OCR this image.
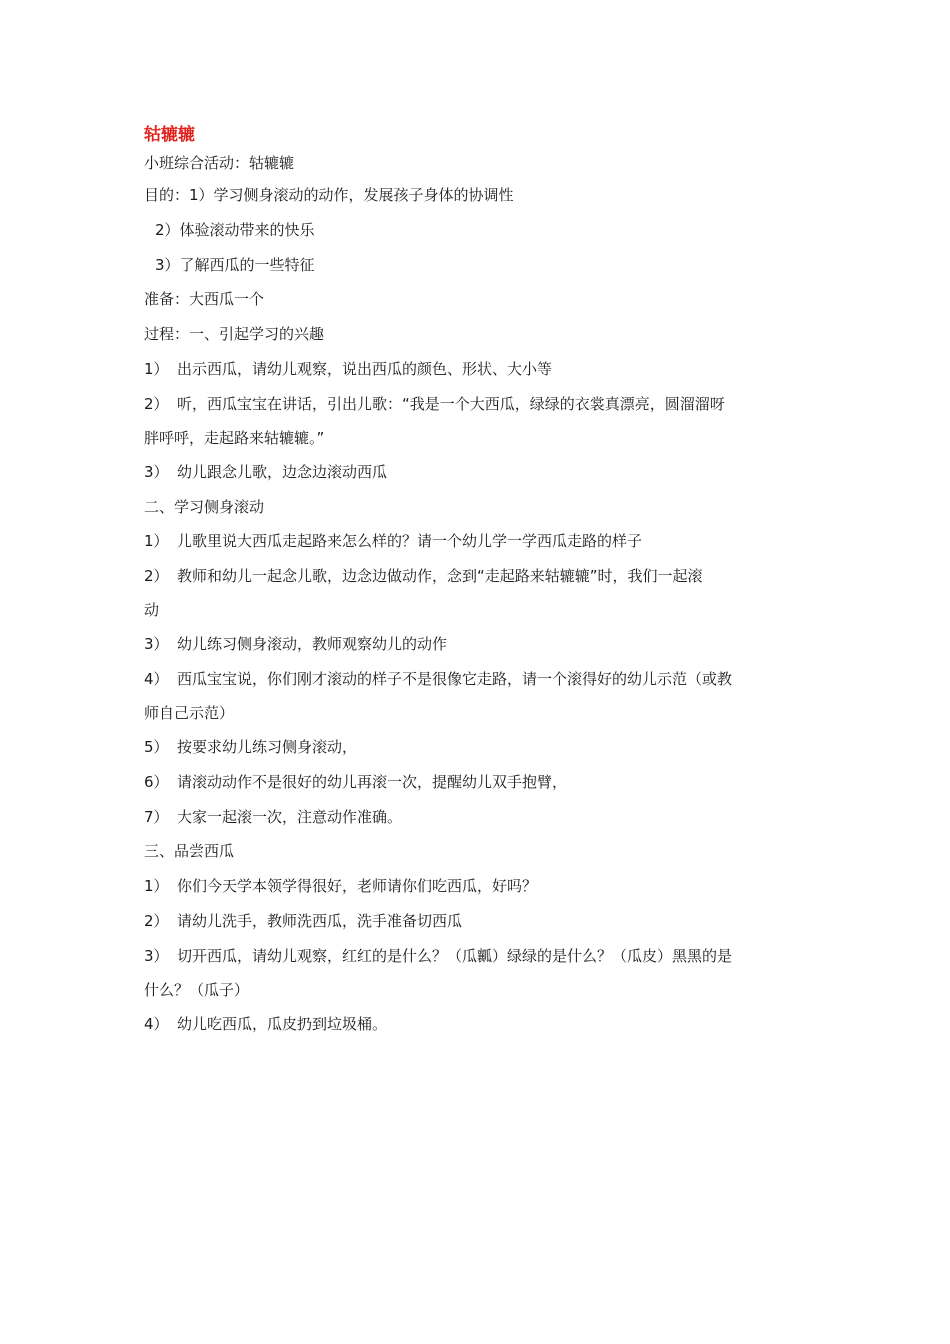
轱辘辘
小班综合活动：轱辘辘
目的：1）学习侧身滚动的动作，发展孩子身体的协调性
2）体验滚动带来的快乐
3）了解西瓜的一些特征
准备：大西瓜一个
过程：一、引起学习的兴趣
1） 出示西瓜，请幼儿观察，说出西瓜的颜色、形状、大小等
2） 听，西瓜宝宝在讲话，引出儿歌：“我是一个大西瓜，绿绿的衣裳真漂亮，圆溜溜呀
胖呼呼，走起路来轱辘辘。”
3） 幼儿跟念儿歌，边念边滚动西瓜
二、学习侧身滚动
1） 儿歌里说大西瓜走起路来怎么样的？请一个幼儿学一学西瓜走路的样子
2） 教师和幼儿一起念儿歌，边念边做动作，念到“走起路来轱辘辘”时，我们一起滚
动
3） 幼儿练习侧身滚动，教师观察幼儿的动作
4） 西瓜宝宝说，你们刚才滚动的样子不是很像它走路，请一个滚得好的幼儿示范（或教
师自己示范）
5） 按要求幼儿练习侧身滚动，
6） 请滚动动作不是很好的幼儿再滚一次，提醒幼儿双手抱臂，
7） 大家一起滚一次，注意动作准确。
三、品尝西瓜
1） 你们今天学本领学得很好，老师请你们吃西瓜，好吗？
2） 请幼儿洗手，教师洗西瓜，洗手准备切西瓜
3） 切开西瓜，请幼儿观察，红红的是什么？（瓜瓤）绿绿的是什么？（瓜皮）黑黑的是
什么？（瓜子）
4） 幼儿吃西瓜，瓜皮扔到垃圾桶。
